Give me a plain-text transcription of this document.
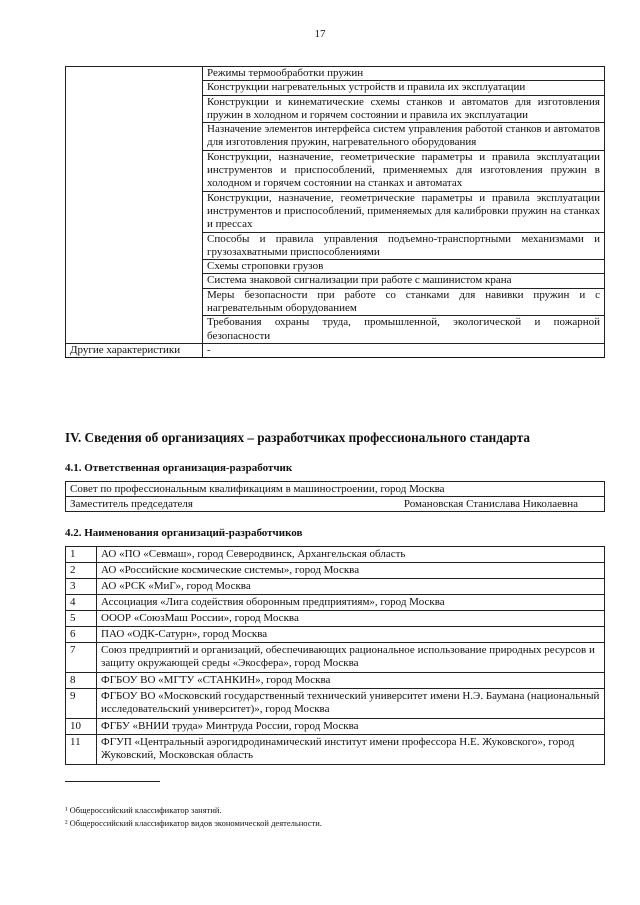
17
	Режимы термообработки пружин
	Конструкции нагревательных устройств и правила их эксплуатации
	Конструкции и кинематические схемы станков и автоматов для изготовления пружин в холодном и горячем состоянии и правила их эксплуатации
	Назначение элементов интерфейса систем управления работой станков и автоматов для изготовления пружин, нагревательного оборудования
	Конструкции, назначение, геометрические параметры и правила эксплуатации инструментов и приспособлений, применяемых для изготовления пружин в холодном и горячем состоянии на станках и автоматах
	Конструкции, назначение, геометрические параметры и правила эксплуатации инструментов и приспособлений, применяемых для калибровки пружин на станках и прессах
	Способы и правила управления подъемно-транспортными механизмами и грузозахватными приспособлениями
	Схемы строповки грузов
	Система знаковой сигнализации при работе с машинистом крана
	Меры безопасности при работе со станками для навивки пружин и с нагревательным оборудованием
	Требования охраны труда, промышленной, экологической и пожарной безопасности
Другие характеристики	-
IV. Сведения об организациях – разработчиках профессионального стандарта
4.1. Ответственная организация-разработчик
Совет по профессиональным квалификациям в машиностроении, город Москва

Заместитель председателя	Романовская Станислава Николаевна
4.2. Наименования организаций-разработчиков
1	АО «ПО «Севмаш», город Северодвинск, Архангельская область
2	АО «Российские космические системы», город Москва
3	АО «РСК «МиГ», город Москва
4	Ассоциация «Лига содействия оборонным предприятиям», город Москва
5	ОООР «СоюзМаш России», город Москва
6	ПАО «ОДК-Сатурн», город Москва
7	Союз предприятий и организаций, обеспечивающих рациональное использование природных ресурсов и защиту окружающей среды «Экосфера», город Москва
8	ФГБОУ ВО «МГТУ «СТАНКИН», город Москва
9	ФГБОУ ВО «Московский государственный технический университет имени Н.Э. Баумана (национальный исследовательский университет)», город Москва
10	ФГБУ «ВНИИ труда» Минтруда России, город Москва
11	ФГУП «Центральный аэрогидродинамический институт имени профессора Н.Е. Жуковского», город Жуковский, Московская область
¹ Общероссийский классификатор занятий.
² Общероссийский классификатор видов экономической деятельности.
